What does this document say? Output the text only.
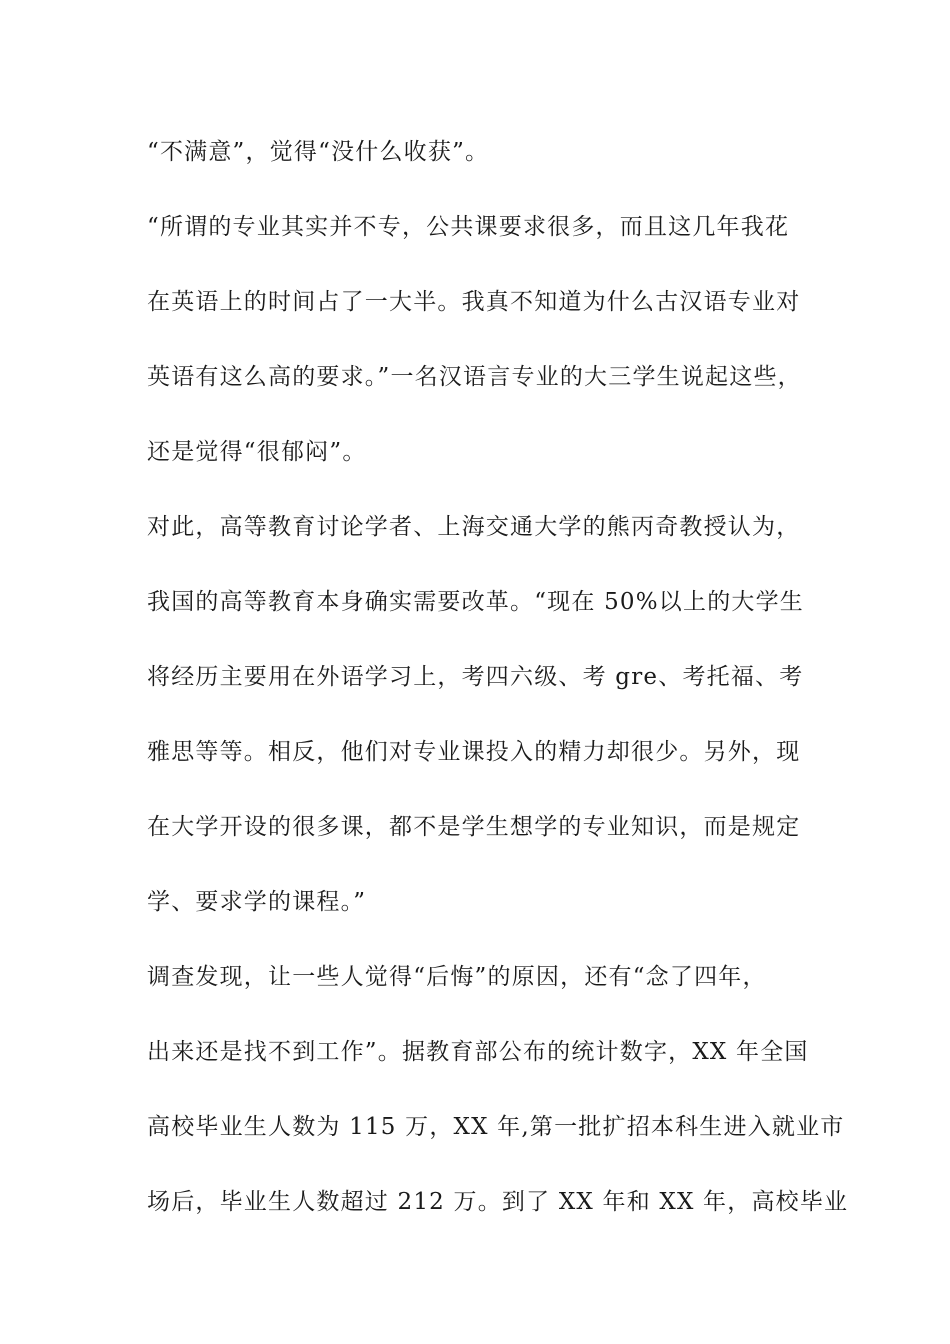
“不满意”，觉得“没什么收获”。
“所谓的专业其实并不专，公共课要求很多，而且这几年我花
在英语上的时间占了一大半。我真不知道为什么古汉语专业对
英语有这么高的要求。”一名汉语言专业的大三学生说起这些，
还是觉得“很郁闷”。
对此，高等教育讨论学者、上海交通大学的熊丙奇教授认为，
我国的高等教育本身确实需要改革。“现在 50%以上的大学生
将经历主要用在外语学习上，考四六级、考 gre、考托福、考
雅思等等。相反，他们对专业课投入的精力却很少。另外，现
在大学开设的很多课，都不是学生想学的专业知识，而是规定
学、要求学的课程。”
调查发现，让一些人觉得“后悔”的原因，还有“念了四年，
出来还是找不到工作”。据教育部公布的统计数字，XX 年全国
高校毕业生人数为 115 万，XX 年,第一批扩招本科生进入就业市
场后，毕业生人数超过 212 万。到了 XX 年和 XX 年，高校毕业
